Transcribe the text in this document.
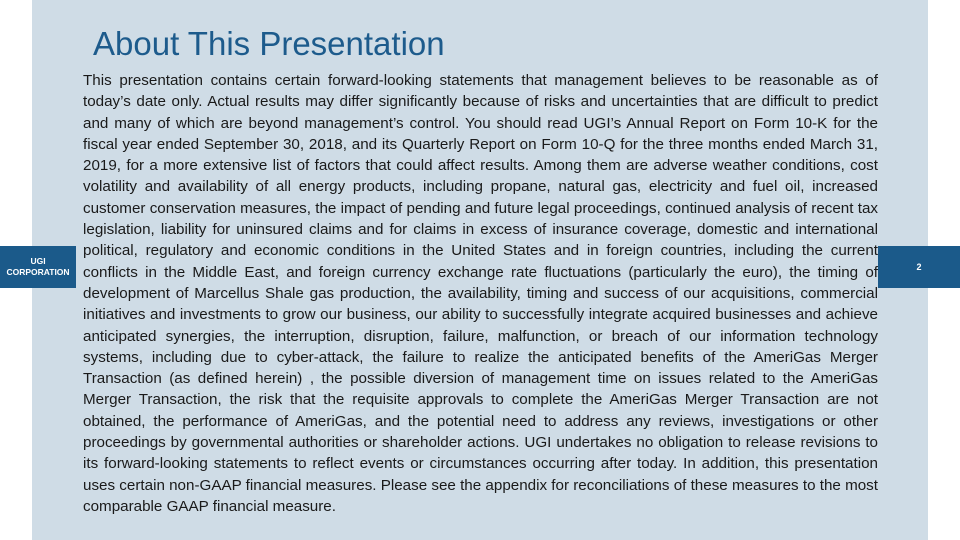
UGI
CORPORATION	2
About This Presentation

This presentation contains certain forward-looking statements that management believes to be reasonable as of today’s date only. Actual results may differ significantly because of risks and uncertainties that are difficult to predict and many of which are beyond management’s control. You should read UGI’s Annual Report on Form 10-K for the fiscal year ended September 30, 2018, and its Quarterly Report on Form 10-Q for the three months ended March 31, 2019, for a more extensive list of factors that could affect results. Among them are adverse weather conditions, cost volatility and availability of all energy products, including propane, natural gas, electricity and fuel oil, increased customer conservation measures, the impact of pending and future legal proceedings, continued analysis of recent tax legislation, liability for uninsured claims and for claims in excess of insurance coverage, domestic and international political, regulatory and economic conditions in the United States and in foreign countries, including the current conflicts in the Middle East, and foreign currency exchange rate fluctuations (particularly the euro), the timing of development of Marcellus Shale gas production, the availability, timing and success of our acquisitions, commercial initiatives and investments to grow our business, our ability to successfully integrate acquired businesses and achieve anticipated synergies, the interruption, disruption, failure, malfunction, or breach of our information technology systems, including due to cyber-attack, the failure to realize the anticipated benefits of the AmeriGas Merger Transaction (as defined herein) , the possible diversion of management time on issues related to the AmeriGas Merger Transaction, the risk that the requisite approvals to complete the AmeriGas Merger Transaction are not obtained, the performance of AmeriGas, and the potential need to address any reviews, investigations or other proceedings by governmental authorities or shareholder actions. UGI undertakes no obligation to release revisions to its forward-looking statements to reflect events or circumstances occurring after today. In addition, this presentation uses certain non-GAAP financial measures. Please see the appendix for reconciliations of these measures to the most comparable GAAP financial measure.
